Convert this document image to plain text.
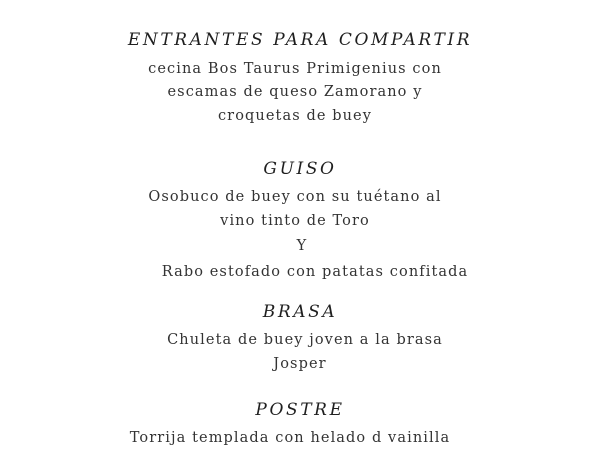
ENTRANTES PARA COMPARTIR
cecina Bos Taurus Primigenius con
escamas de queso Zamorano y
croquetas de buey
GUISO
Osobuco de buey con su tuétano al
vino tinto de Toro
Y
Rabo estofado con patatas confitada
BRASA
Chuleta de buey joven a la brasa
Josper
POSTRE
Torrija templada con helado d vainilla
